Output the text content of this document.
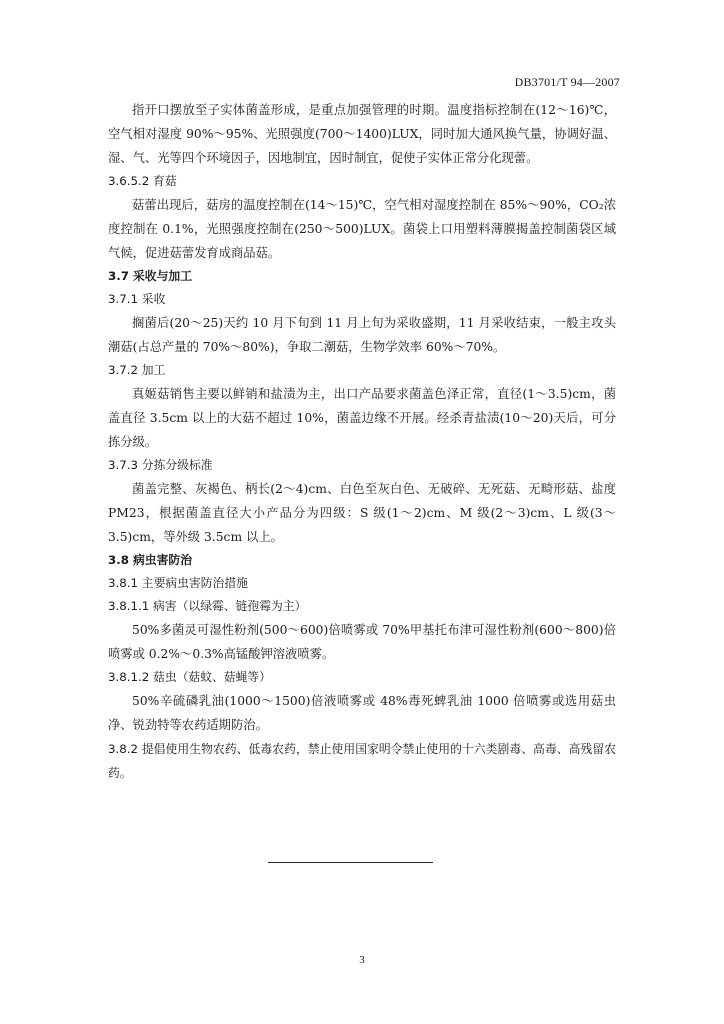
DB3701/T 94—2007

指开口摆放至子实体菌盖形成，是重点加强管理的时期。温度指标控制在(12～16)℃，空气相对湿度 90%～95%、光照强度(700～1400)LUX，同时加大通风换气量，协调好温、湿、气、光等四个环境因子，因地制宜，因时制宜，促使子实体正常分化现蕾。

3.6.5.2 育菇

菇蕾出现后，菇房的温度控制在(14～15)℃，空气相对湿度控制在 85%～90%，CO₂浓度控制在 0.1%，光照强度控制在(250～500)LUX。菌袋上口用塑料薄膜揭盖控制菌袋区域气候，促进菇蕾发育成商品菇。

3.7 采收与加工

3.7.1 采收

搁菌后(20～25)天约 10 月下旬到 11 月上旬为采收盛期，11 月采收结束，一般主攻头潮菇(占总产量的 70%～80%)，争取二潮菇，生物学效率 60%～70%。

3.7.2 加工

真姬菇销售主要以鲜销和盐渍为主，出口产品要求菌盖色泽正常，直径(1～3.5)cm，菌盖直径 3.5cm 以上的大菇不超过 10%，菌盖边缘不开展。经杀青盐渍(10～20)天后，可分拣分级。

3.7.3 分拣分级标准

菌盖完整、灰褐色、柄长(2～4)cm、白色至灰白色、无破碎、无死菇、无畸形菇、盐度 PM23，根据菌盖直径大小产品分为四级：S 级(1～2)cm、M 级(2～3)cm、L 级(3～3.5)cm，等外级 3.5cm 以上。

3.8 病虫害防治

3.8.1 主要病虫害防治措施

3.8.1.1 病害（以绿霉、链孢霉为主）

50%多菌灵可湿性粉剂(500～600)倍喷雾或 70%甲基托布津可湿性粉剂(600～800)倍喷雾或 0.2%～0.3%高锰酸钾溶液喷雾。

3.8.1.2 菇虫（菇蚊、菇蝇等）

50%辛硫磷乳油(1000～1500)倍液喷雾或 48%毒死蜱乳油 1000 倍喷雾或选用菇虫净、锐劲特等农药适期防治。

3.8.2 提倡使用生物农药、低毒农药，禁止使用国家明令禁止使用的十六类剧毒、高毒、高残留农药。

3
